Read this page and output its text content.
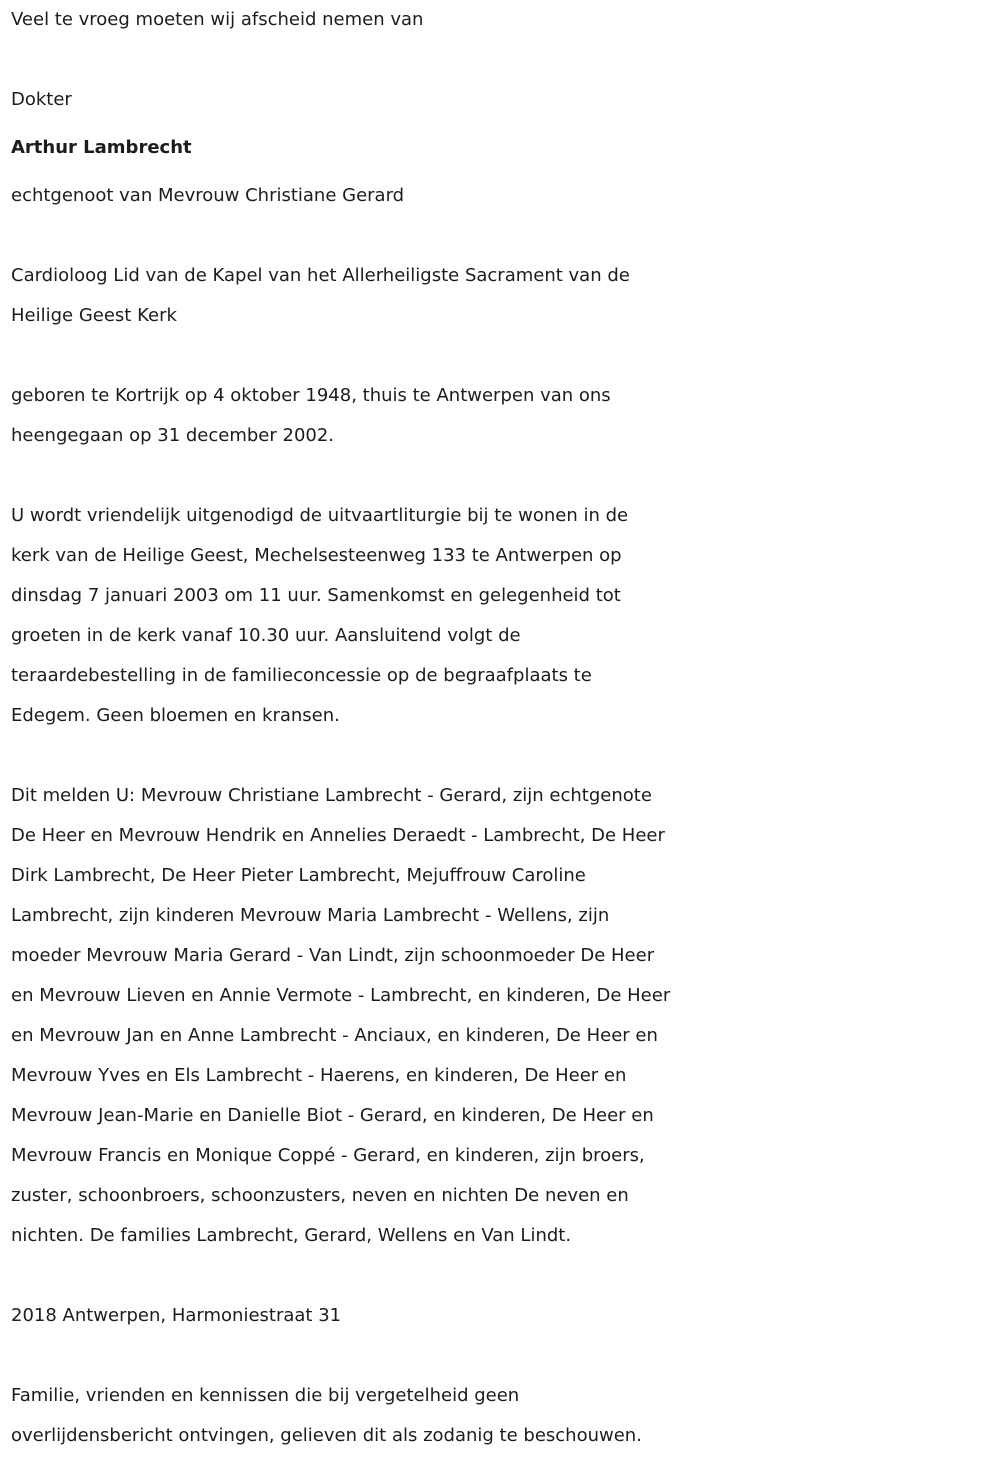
Veel te vroeg moeten wij afscheid nemen van
Dokter
Arthur Lambrecht
echtgenoot van Mevrouw Christiane Gerard
Cardioloog Lid van de Kapel van het Allerheiligste Sacrament van de
Heilige Geest Kerk
geboren te Kortrijk op 4 oktober 1948, thuis te Antwerpen van ons
heengegaan op 31 december 2002.
U wordt vriendelijk uitgenodigd de uitvaartliturgie bij te wonen in de
kerk van de Heilige Geest, Mechelsesteenweg 133 te Antwerpen op
dinsdag 7 januari 2003 om 11 uur. Samenkomst en gelegenheid tot
groeten in de kerk vanaf 10.30 uur. Aansluitend volgt de
teraardebestelling in de familieconcessie op de begraafplaats te
Edegem. Geen bloemen en kransen.
Dit melden U: Mevrouw Christiane Lambrecht - Gerard, zijn echtgenote
De Heer en Mevrouw Hendrik en Annelies Deraedt - Lambrecht, De Heer
Dirk Lambrecht, De Heer Pieter Lambrecht, Mejuffrouw Caroline
Lambrecht, zijn kinderen Mevrouw Maria Lambrecht - Wellens, zijn
moeder Mevrouw Maria Gerard - Van Lindt, zijn schoonmoeder De Heer
en Mevrouw Lieven en Annie Vermote - Lambrecht, en kinderen, De Heer
en Mevrouw Jan en Anne Lambrecht - Anciaux, en kinderen, De Heer en
Mevrouw Yves en Els Lambrecht - Haerens, en kinderen, De Heer en
Mevrouw Jean-Marie en Danielle Biot - Gerard, en kinderen, De Heer en
Mevrouw Francis en Monique Coppé - Gerard, en kinderen, zijn broers,
zuster, schoonbroers, schoonzusters, neven en nichten De neven en
nichten. De families Lambrecht, Gerard, Wellens en Van Lindt.
2018 Antwerpen, Harmoniestraat 31
Familie, vrienden en kennissen die bij vergetelheid geen
overlijdensbericht ontvingen, gelieven dit als zodanig te beschouwen.
